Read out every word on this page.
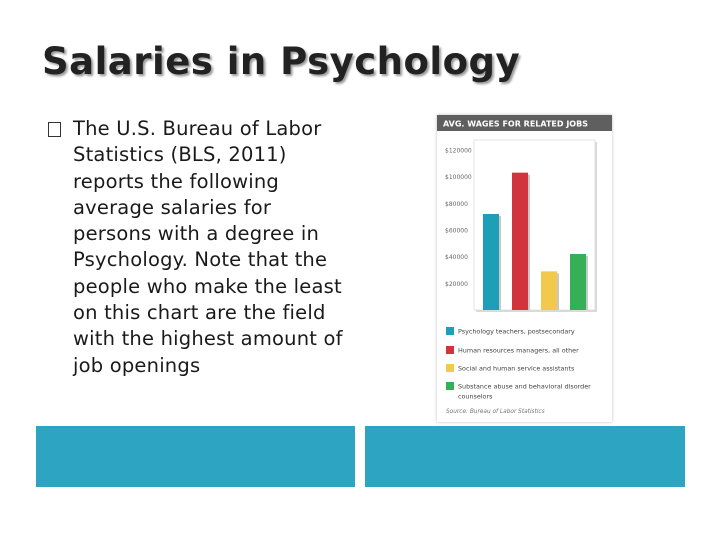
Salaries in Psychology

The U.S. Bureau of Labor Statistics (BLS, 2011) reports the following average salaries for persons with a degree in Psychology. Note that the people who make the least on this chart are the field with the highest amount of job openings

AVG. WAGES FOR RELATED JOBS
$120000
$100000
$80000
$60000
$40000
$20000
Psychology teachers, postsecondary
Human resources managers, all other
Social and human service assistants
Substance abuse and behavioral disorder counselors
Source: Bureau of Labor Statistics
